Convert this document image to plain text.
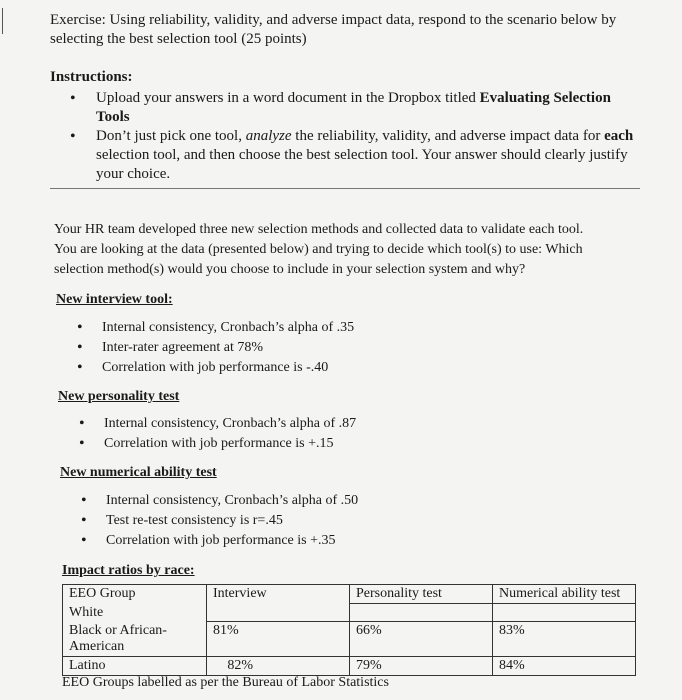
Exercise: Using reliability, validity, and adverse impact data, respond to the scenario below by
selecting the best selection tool (25 points)
Instructions:
• Upload your answers in a word document in the Dropbox titled Evaluating Selection
Tools
• Don’t just pick one tool, analyze the reliability, validity, and adverse impact data for each
selection tool, and then choose the best selection tool. Your answer should clearly justify
your choice.
Your HR team developed three new selection methods and collected data to validate each tool.
You are looking at the data (presented below) and trying to decide which tool(s) to use: Which
selection method(s) would you choose to include in your selection system and why?
New interview tool:
• Internal consistency, Cronbach’s alpha of .35
• Inter-rater agreement at 78%
• Correlation with job performance is -.40
New personality test
• Internal consistency, Cronbach’s alpha of .87
• Correlation with job performance is +.15
New numerical ability test
• Internal consistency, Cronbach’s alpha of .50
• Test re-test consistency is r=.45
• Correlation with job performance is +.35
Impact ratios by race:
EEO Group	Interview	Personality test	Numerical ability test
White			
Black or African-
American	81%	66%	83%
Latino	82%	79%	84%
EEO Groups labelled as per the Bureau of Labor Statistics
